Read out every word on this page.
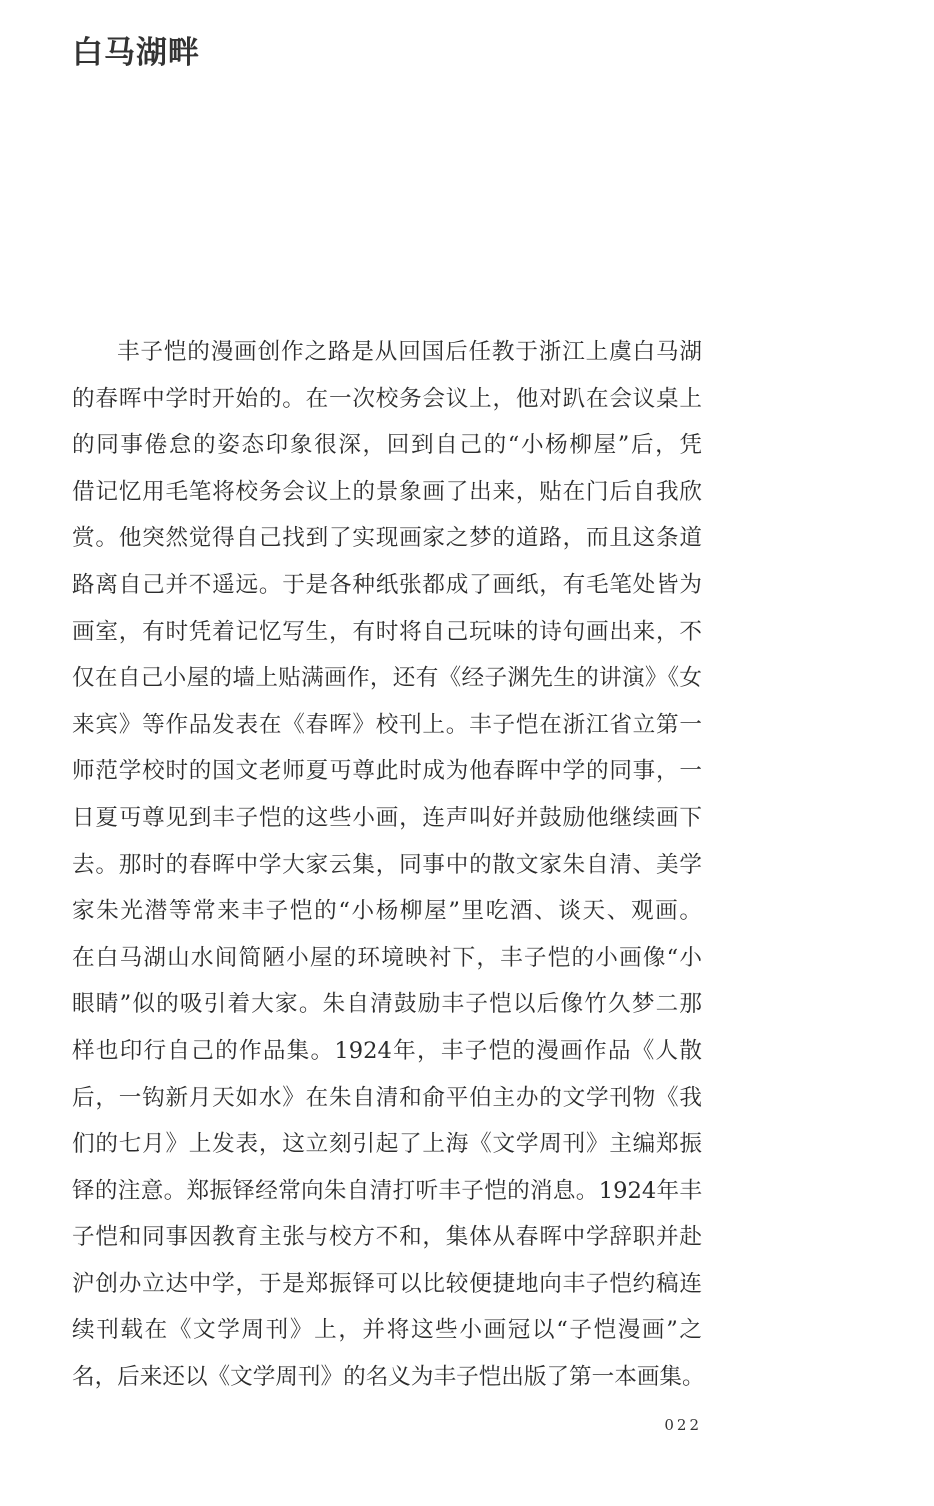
白马湖畔
丰子恺的漫画创作之路是从回国后任教于浙江上虞白马湖
的春晖中学时开始的。在一次校务会议上，他对趴在会议桌上
的同事倦怠的姿态印象很深，回到自己的“小杨柳屋”后，凭
借记忆用毛笔将校务会议上的景象画了出来，贴在门后自我欣
赏。他突然觉得自己找到了实现画家之梦的道路，而且这条道
路离自己并不遥远。于是各种纸张都成了画纸，有毛笔处皆为
画室，有时凭着记忆写生，有时将自己玩味的诗句画出来，不
仅在自己小屋的墙上贴满画作，还有《经子渊先生的讲演》《女
来宾》等作品发表在《春晖》校刊上。丰子恺在浙江省立第一
师范学校时的国文老师夏丏尊此时成为他春晖中学的同事，一
日夏丏尊见到丰子恺的这些小画，连声叫好并鼓励他继续画下
去。那时的春晖中学大家云集，同事中的散文家朱自清、美学
家朱光潜等常来丰子恺的“小杨柳屋”里吃酒、谈天、观画。
在白马湖山水间简陋小屋的环境映衬下，丰子恺的小画像“小
眼睛”似的吸引着大家。朱自清鼓励丰子恺以后像竹久梦二那
样也印行自己的作品集。1924年，丰子恺的漫画作品《人散
后，一钩新月天如水》在朱自清和俞平伯主办的文学刊物《我
们的七月》上发表，这立刻引起了上海《文学周刊》主编郑振
铎的注意。郑振铎经常向朱自清打听丰子恺的消息。1924年丰
子恺和同事因教育主张与校方不和，集体从春晖中学辞职并赴
沪创办立达中学，于是郑振铎可以比较便捷地向丰子恺约稿连
续刊载在《文学周刊》上，并将这些小画冠以“子恺漫画”之
名，后来还以《文学周刊》的名义为丰子恺出版了第一本画集。
022
